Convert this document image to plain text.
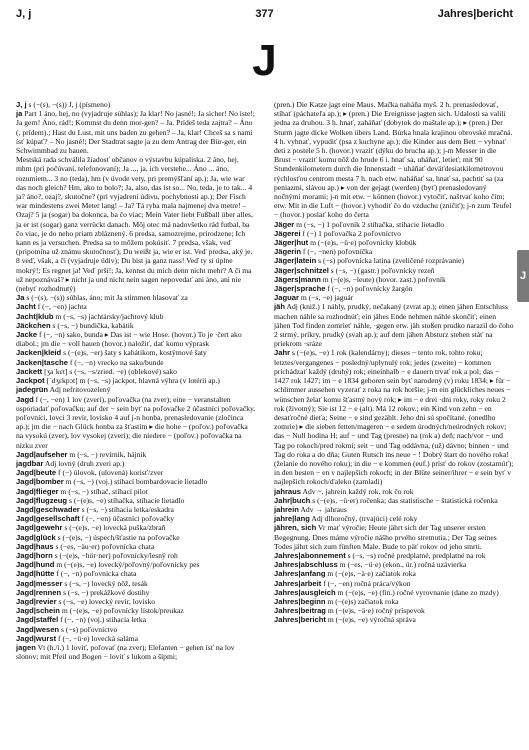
J, j	377	Jahres|bericht
J

J, j s (−(s), −(s)) J, j (písmeno)

ja Part 1 áno, hej, no (vyjadruje súhlas); Ja klar! No jasné!; Ja sicher! No iste!; Ja gern! Áno, rád!; Kommst du denn mor-gen? – Ja. Prídeš teda zajtra? – Áno (, prídem).; Hast du Lust, mit uns baden zu gehen? – Ja, klar! Chceš sa s nami ísť kúpať? – No jasné!; Der Stadtrat sagte ja zu dem Antrag der Bür-ger, ein Schwimmbad zu bauen.

Mestská rada schválila žiadosť občanov o výstavbu kúpaliska. 2 áno, hej, mhm (pri počúvaní, telefonovaní); Ja ..., ja, ich verstehe... Áno ... áno, rozumiem... 3 no (teda), hm (v úvode vety, pri premýšľaní ap.); Ja, wie war das noch gleich? Hm, ako to bolo?; Ja, also, das ist so... No, teda, je to tak... 4 ja? áno?, ozaj?, skutočne? (pri vyjadrení údivu, pochybnosti ap.); Der Fisch war mindestens zwei Meter lang! – Ja? Tá ryba mala najmenej dva metre! – Ozaj? 5 ja (sogar) ba dokonca, ba čo viac; Mein Vater liebt Fußball über alles, ja er ist (sogar) ganz verrückt danach. Môj otec má nadovšetko rád futbal, ba čo viac, je do neho priam zbláznený. 6 predsa, samozrejme, prirodzene; Ich kann es ja versuchen. Predsa sa to môžem pokúsiť. 7 predsa, však, veď (pripomína už známu skutočnosť); Du weißt ja, wie er ist. Veď predsa, aký je. 8 veď, však, a či (vyjadruje údiv); Du bist ja ganz nass! Veď ty si úplne mokrý!; Es regnet ja! Veď prší!; Ja, kennst du mich denn nicht mehr? A či ma už nepoznávaš? ▸ nicht ja und nicht nein sagen nepovedať ani áno, ani nie (nebyť rozhodnutý)

Ja s (−(s), −(s)) súhlas, áno; mit Ja stimmen hlasovať za

Jacht f (−, −en) jachta

Jacht|klub m (−s, −s) jachtársky/jachtový klub

Jäckchen s (−s, −) bundička, kabátik

Jacke f (−, −n) sako, bunda ▸ Das ist − wie Hose. (hovor.) To je ·čert ako diabol.; jm die − voll hauen (hovor.) naložiť, dať komu výprask

Jacken|kleid s (−(e)s, −er) šaty s kabátikom, kostýmové šaty

Jacken|tasche f (−, −n) vrecko na saku/bunde

Jackett [ʒaˈkɛt] s (−s, −s/zried. −e) (oblekové) sako

Jackpot [ˈdʒɛkpɔt] m (−s, −s) jackpot, hlavná výhra (v lotérii ap.)

jadegrün Adj nefritovozelený

Jagd f (−, −en) 1 lov (zveri), poľovačka (na zver); eine − veranstalten usporiadať poľovačku; auf der − sein byť na poľovačke 2 účastníci poľovačky, poľovníci, lovci 3 revír, lovisko 4 auf j-n honba, prenasledovanie (zločinca ap.); jm die − nach Glück honba za šťastím ▸ die hohe − (poľov.) poľovačka na vysokú (zver), lov vysokej (zveri); die niedere − (poľov.) poľovačka na nízku zver

Jagd|aufseher m (−s, −) revírnik, hájnik

jagdbar Adj lovný (druh zveri ap.)

Jagd|beute f (−) úlovok, (ulovená) korisť/zver

Jagd|bomber m (−s, −) (voj.) stíhací bombardovacie lietadlo

Jagd|flieger m (−s, −) stíhač, stíhací pilot

Jagd|flugzeug s (−(e)s, −e) stíhačka, stíhacie lietadlo

Jagd|geschwader s (−s, −) stíhacia letka/eskadra

Jagd|gesellschaft f (−, −en) účastníci poľovačky

Jagd|gewehr s (−(e)s, −e) lovecká puška/zbraň

Jagd|glück s (−(e)s, −) úspech/šťastie na poľovačke

Jagd|haus s (−es, −äu·er) poľovnícka chata

Jagd|horn s (−(e)s, −hör·ner) poľovnícky/lesný roh

Jagd|hund m (−(e)s, −e) lovecký/poľovný/poľovnícky pes

Jagd|hütte f (−, −n) poľovnícka chata

Jagd|messer s (−s, −) lovecký nôž, tesák

Jagd|rennen s (−s, −) prekážkové dostihy

Jagd|revier s (−s, −e) lovecký revír, lovisko

Jagd|schein m (−(e)s, −e) poľovnícky lístok/preukaz

Jagd|staffel f (−, −n) (voj.) stíhacia letka

Jagd|wesen s (−s) poľovníctvo

Jagd|wurst f (−, −ü·e) lovecká saláma

jagen Vt (h./i.) 1 loviť, poľovať (na zver); Elefanten − gehen ísť na lov slonov; mit Pfeil und Bogen − loviť s lukom a šípmi;

(pren.) Die Katze jagt eine Maus. Mačka naháňa myš. 2 h. prenasledovať, stíhať (páchateľa ap.); ▸ (pren.) Die Ereignisse jagten sich. Udalosti sa valili jedna za druhou. 3 h. hnať, zaháňať (dobytok do maštale ap.); ▸ (pren.) Der Sturm jagte dicke Wolken übers Land. Búrka hnala krajinou obrovské mračná. 4 h. vyhnať, vypudiť (psa z kuchyne ap.); die Kinder aus dem Bett − vyhnať deti z postele 5 h. (hovor.) vraziť (dýku do brucha ap.); j-m Messer in die Brust − vraziť komu nôž do hrude 6 i. hnať sa, uháňať, letieť; mit 90 Stundenkilometern durch die Innenstadt − uháňať deväťdesiatkilometrovou rýchlosťou centrom mesta 7 h. nach etw. naháňať sa, hnať sa, pachtiť sa (za peniazmi, slávou ap.) ▸ von der gejagt (werden) (byť) prenasledovaný nočnými morami; j-n mit etw. − können (hovor.) vytočiť, naštvať koho čím; etw. Mit in die Luft − (hovor.) vyhodiť čo do vzduchu (zničiť); j-n zum Teufel − (hovor.) poslať koho do čerta

Jäger m (−s, −) 1 poľovník 2 stíhačka, stíhacie lietadlo

Jägerei f (−) 1 poľovačka 2 poľovníctvo

Jäger|hut m (−(e)s, −ü·e) poľovnícky klobúk

Jägerin f (−, −nen) poľovníčka

Jäger|latein s (−s) poľovnícka latina (zveličené rozprávanie)

Jäger|schnitzel s (−s, −) (gastr.) poľovnícky rezeň

Jägers|mann m (−(e)s, −leute) (hovor. zast.) poľovník

Jäger|sprache f (−, −n) poľovnícky žargón

Jaguar m (−s, −e) jaguár

jäh Adj (kniž.) 1 náhly, prudký, nečakaný (zvrat ap.); einen jähen Entschluss machen náhle sa rozhodnúť; ein jähes Ende nehmen náhle skončiť; einen jähen Tod finden zomrieť náhle, ·gegen etw. jäh stoßen prudko narazil do čoho 2 strmý, príkry, prudký (svah ap.); auf dem jähen Absturz stehen stáť na priekrom ·sráze

Jahr s (−(e)s, −e) 1 rok (kalendárny); dieses − tento rok, tohto roku; letztes/vergangenes − posledný/uplynulý rok; jedes (zweite) − kommen prichádzať každý (druhý) rok; eineinhalb − e dauern trvať rok a pol; das − 1427 rok 1427; im − e 1834 geboren sein byť narodený (v) roku 1834; ▸ für − schlimmer aussehen vyzerať z roka na rok horšie; j-m ein glückliches neues − wünschen želať komu šťastný nový rok; ▸ im − e drei ·dni roky, roky roku 2 rok (životný); Sie ist 12 − e (alt). Má 12 rokov.; ein Kind von zehn − en desaťročné dieťa; Seine − e sind gezählt. Jeho dni sú spočítané. (onedlho zomrie) ▸ die sieben fetten/mageren − e sedem úrodných/neúrodných rokov; das − Null hodina H; auf − und Tag (presne) na (rok a) deň; nach/vor − und Tag po rokoch/pred rokmi; seit − und Tag oddávna, (už) dávno; binnen − und Tag do roka a do dňa; Guten Rutsch ins neue − ! Dobrý štart do nového roka! (želanie do nového roku); in die − e kommen (euf.) prísť do rokov (zostarnúť); in den besten − en v najlepších rokoch; in der Blüte seiner/ihrer − e sein byť v najlepších rokoch/ďaleko (zamladi)

jahraus Adv ~, jahrein každý rok, rok čo rok

Jahr|buch s (−(e)s, −ü·er) ročenka; das statistische − štatistická ročenka

jahrein Adv → jahraus

jahre|lang Adj dlhoročný, (trvajúci) celé roky

jähren, sich Vr mať výročie; Heute jährt sich der Tag unserer ersten Begegnung. Dnes máme výročie nášho prvého stretnutia.; Der Tag seines Todes jährt sich zum fünften Male. Bude to päť rokov od jeho smrti.

Jahres|abonnement s (−s, −s) ročné predplatné, predplatné na rok

Jahres|abschluss m (−es, −ü·e) (ekon., úr.) ročná uzávierka

Jahres|anfang m (−(e)s, −ä·e) začiatok roka

Jahres|arbeit f (−, −en) ročná práca/výkon

Jahres|ausgleich m (−(e)s, −e) (fin.) ročné vyrovnanie (dane zo mzdy)

Jahres|beginn m (−(e)s) začiatok roka

Jahres|beitrag m (−(e)s, −ä·e) ročný príspevok

Jahres|bericht m (−(e)s, −e) výročná správa

J
